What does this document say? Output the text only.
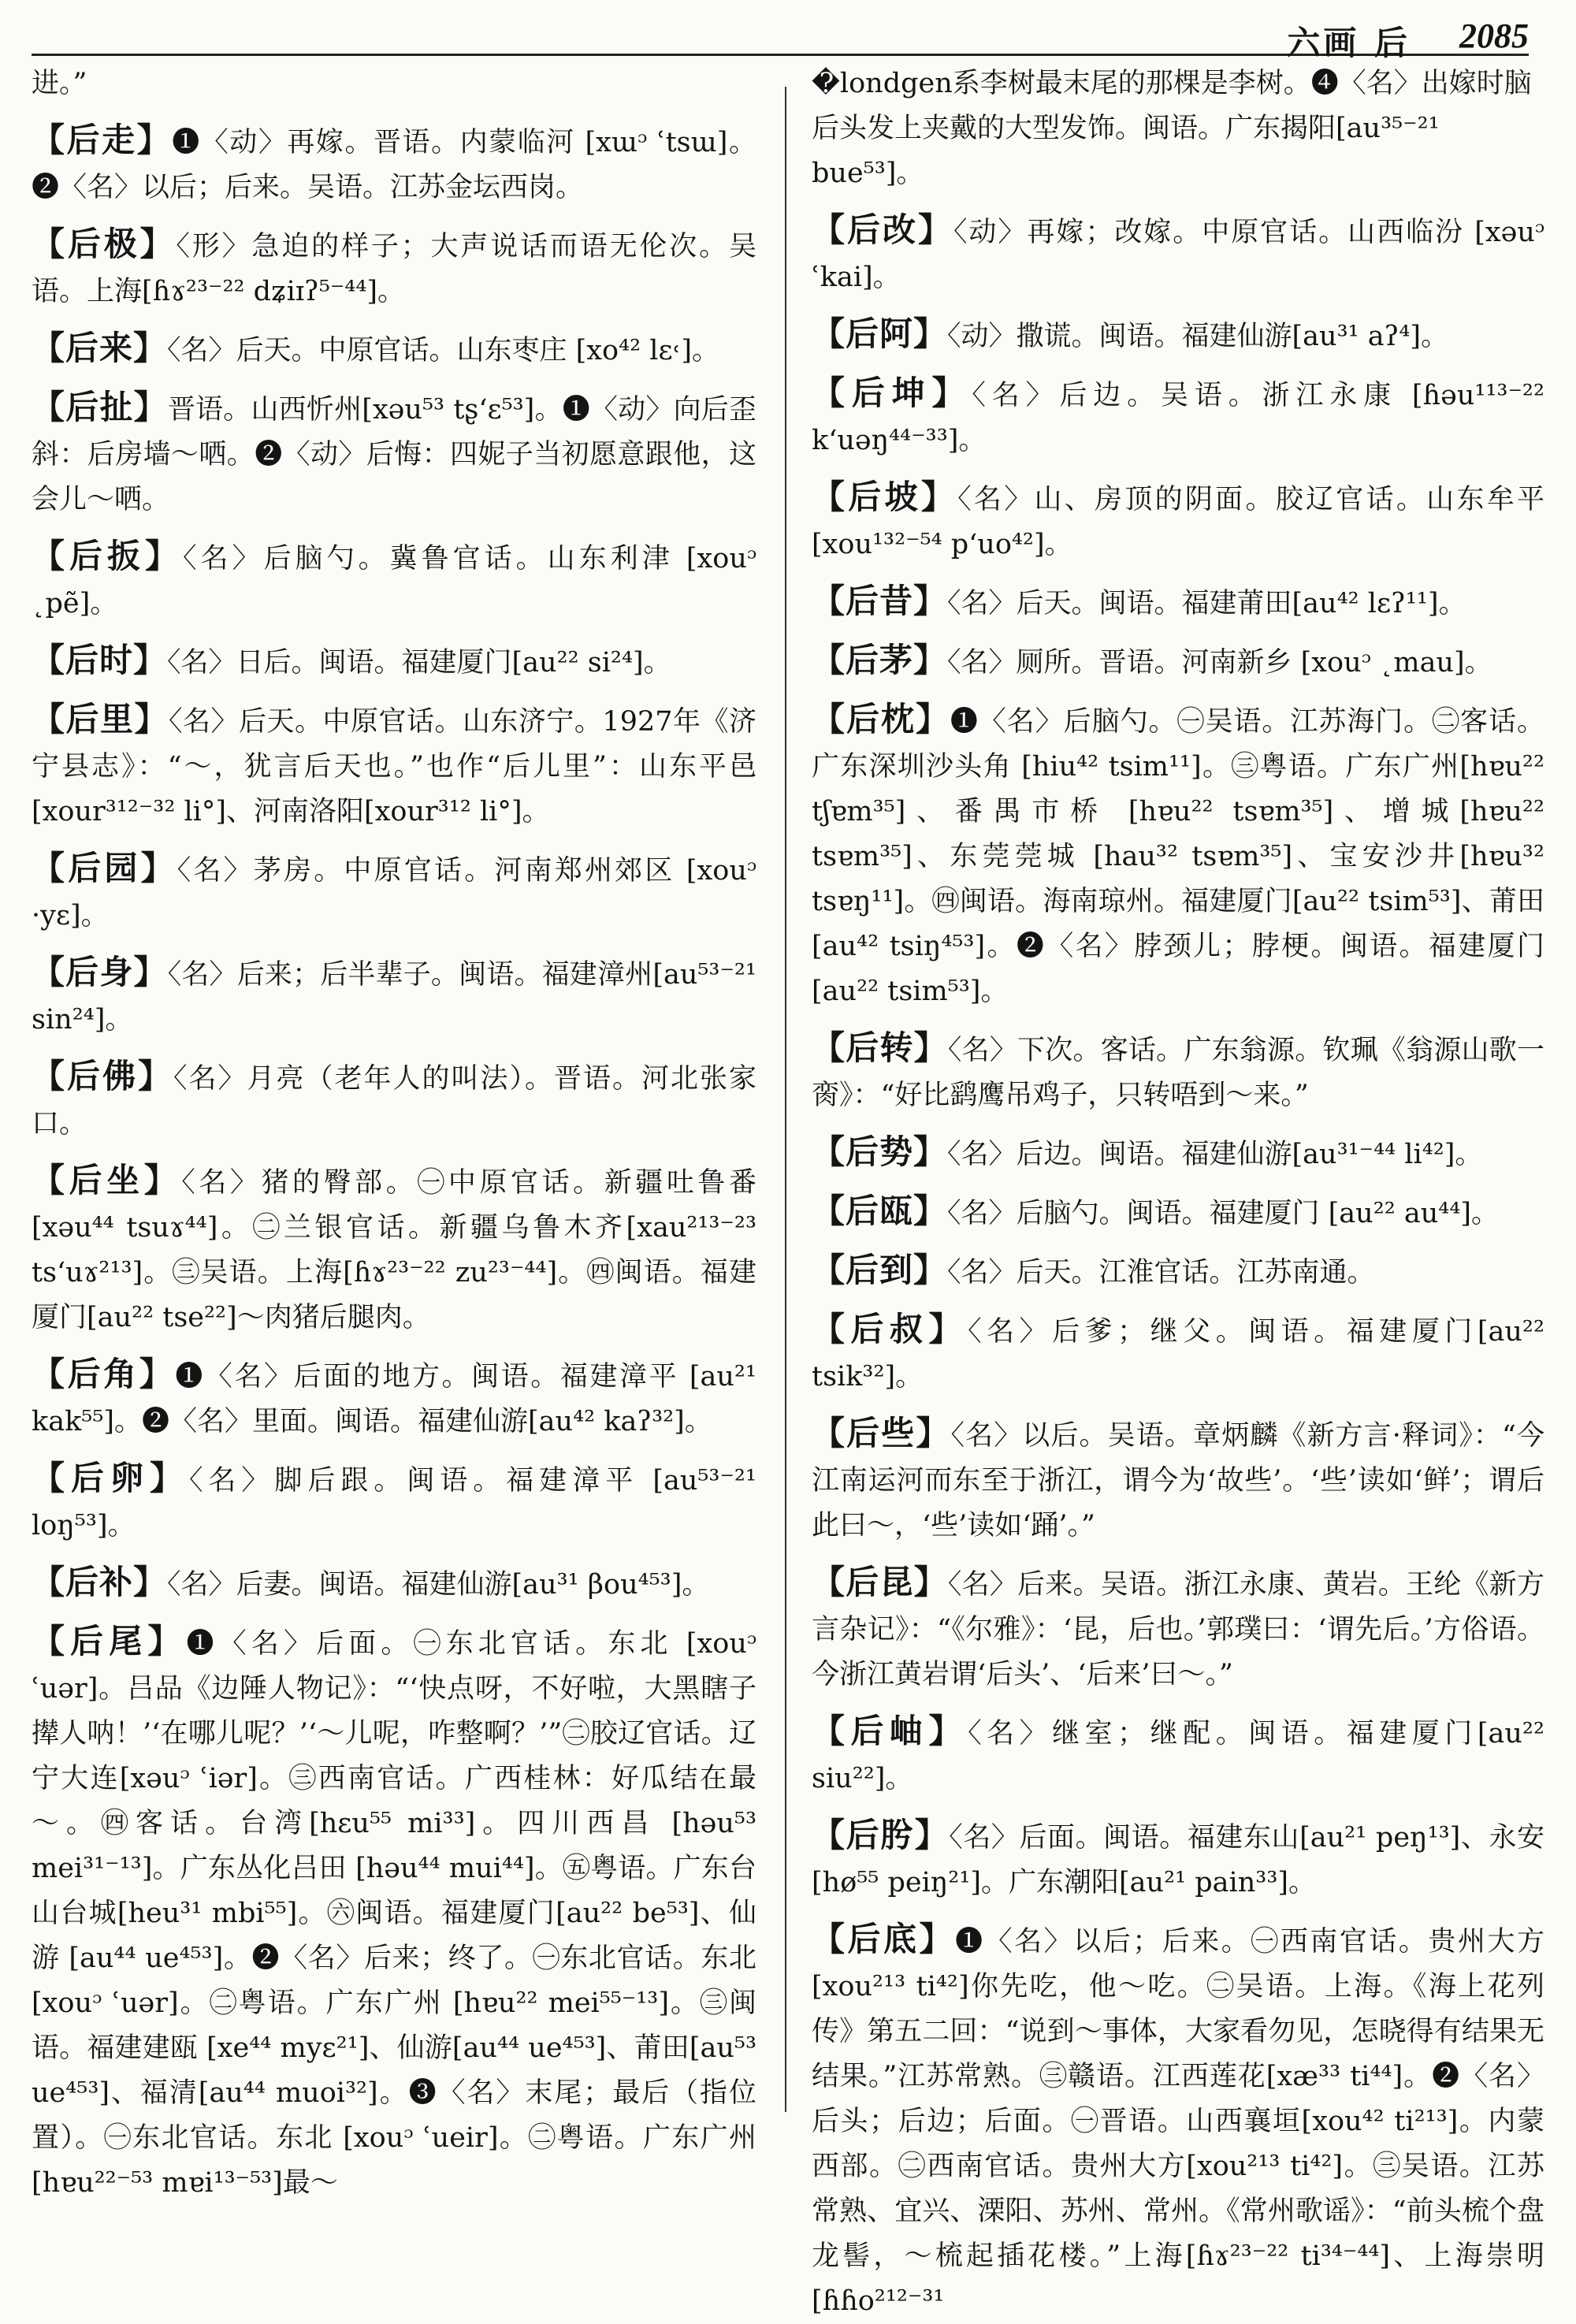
六画 后 2085
进。”
【后走】❶〈动〉再嫁。晋语。内蒙临河 [xɯᵓ ʿtsɯ]。❷〈名〉以后；后来。吴语。江苏金坛西岗。
【后极】〈形〉急迫的样子；大声说话而语无伦次。吴语。上海[ɦɤ²³⁻²² dʑiɪʔ⁵⁻⁴⁴]。
【后来】〈名〉后天。中原官话。山东枣庄 [xo⁴² lɛ˓]。
【后扯】晋语。山西忻州[xəu⁵³ tʂʻɛ⁵³]。❶〈动〉向后歪斜：后房墙～哂。❷〈动〉后悔：四妮子当初愿意跟他，这会儿～哂。
【后扳】〈名〉后脑勺。冀鲁官话。山东利津 [xouᵓ ˛pẽ]。
【后时】〈名〉日后。闽语。福建厦门[au²² si²⁴]。
【后里】〈名〉后天。中原官话。山东济宁。1927年《济宁县志》：“～，犹言后天也。”也作“后儿里”：山东平邑[xour³¹²⁻³² li°]、河南洛阳[xour³¹² li°]。
【后园】〈名〉茅房。中原官话。河南郑州郊区 [xouᵓ ·yɛ]。
【后身】〈名〉后来；后半辈子。闽语。福建漳州[au⁵³⁻²¹ sin²⁴]。
【后佛】〈名〉月亮（老年人的叫法）。晋语。河北张家口。
【后坐】〈名〉猪的臀部。㊀中原官话。新疆吐鲁番[xəu⁴⁴ tsuɤ⁴⁴]。㊁兰银官话。新疆乌鲁木齐[xau²¹³⁻²³ tsʻuɤ²¹³]。㊂吴语。上海[ɦɤ²³⁻²² zu²³⁻⁴⁴]。㊃闽语。福建厦门[au²² tse²²]～肉猪后腿肉。
【后角】❶〈名〉后面的地方。闽语。福建漳平 [au²¹ kak⁵⁵]。❷〈名〉里面。闽语。福建仙游[au⁴² kaʔ³²]。
【后卵】〈名〉脚后跟。闽语。福建漳平 [au⁵³⁻²¹ loŋ⁵³]。
【后补】〈名〉后妻。闽语。福建仙游[au³¹ βou⁴⁵³]。
【后尾】❶〈名〉后面。㊀东北官话。东北 [xouᵓ ʿuər]。吕品《边陲人物记》：“‘快点呀，不好啦，大黑瞎子撵人呐！’‘在哪儿呢？’‘～儿呢，咋整啊？’”㊁胶辽官话。辽宁大连[xəuᵓ ʿiər]。㊂西南官话。广西桂林：好瓜结在最～。㊃客话。台湾[hɛu⁵⁵ mi³³]。四川西昌 [həu⁵³ mei³¹⁻¹³]。广东丛化吕田 [həu⁴⁴ mui⁴⁴]。㊄粤语。广东台山台城[heu³¹ mbi⁵⁵]。㊅闽语。福建厦门[au²² be⁵³]、仙游 [au⁴⁴ ue⁴⁵³]。❷〈名〉后来；终了。㊀东北官话。东北[xouᵓ ʿuər]。㊁粤语。广东广州 [hɐu²² mei⁵⁵⁻¹³]。㊂闽语。福建建瓯 [xe⁴⁴ myɛ²¹]、仙游[au⁴⁴ ue⁴⁵³]、莆田[au⁵³ ue⁴⁵³]、福清[au⁴⁴ muoi³²]。❸〈名〉末尾；最后（指位置）。㊀东北官话。东北 [xouᵓ ʿueir]。㊁粤语。广东广州[hɐu²²⁻⁵³ mɐi¹³⁻⁵³]最～
�londgen系李树最末尾的那棵是李树。❹〈名〉出嫁时脑后头发上夹戴的大型发饰。闽语。广东揭阳[au³⁵⁻²¹ bue⁵³]。
【后改】〈动〉再嫁；改嫁。中原官话。山西临汾 [xəuᵓ ʿkai]。
【后阿】〈动〉撒谎。闽语。福建仙游[au³¹ aʔ⁴]。
【后坤】〈名〉后边。吴语。浙江永康 [ɦəu¹¹³⁻²² kʻuəŋ⁴⁴⁻³³]。
【后坡】〈名〉山、房顶的阴面。胶辽官话。山东牟平[xou¹³²⁻⁵⁴ pʻuo⁴²]。
【后昔】〈名〉后天。闽语。福建莆田[au⁴² lɛʔ¹¹]。
【后茅】〈名〉厕所。晋语。河南新乡 [xouᵓ ˛mau]。
【后枕】❶〈名〉后脑勺。㊀吴语。江苏海门。㊁客话。广东深圳沙头角 [hiu⁴² tsim¹¹]。㊂粤语。广东广州[hɐu²² tʃɐm³⁵]、番禺市桥 [hɐu²² tsɐm³⁵]、增城[hɐu²² tsɐm³⁵]、东莞莞城 [hau³² tsɐm³⁵]、宝安沙井[hɐu³² tsɐŋ¹¹]。㊃闽语。海南琼州。福建厦门[au²² tsim⁵³]、莆田[au⁴² tsiŋ⁴⁵³]。❷〈名〉脖颈儿；脖梗。闽语。福建厦门[au²² tsim⁵³]。
【后转】〈名〉下次。客话。广东翁源。钦珮《翁源山歌一脔》：“好比鹞鹰吊鸡子，只转唔到～来。”
【后势】〈名〉后边。闽语。福建仙游[au³¹⁻⁴⁴ li⁴²]。
【后瓯】〈名〉后脑勺。闽语。福建厦门 [au²² au⁴⁴]。
【后到】〈名〉后天。江淮官话。江苏南通。
【后叔】〈名〉后爹；继父。闽语。福建厦门[au²² tsik³²]。
【后些】〈名〉以后。吴语。章炳麟《新方言·释词》：“今江南运河而东至于浙江，谓今为‘故些’。‘些’读如‘鲜’；谓后此曰～，‘些’读如‘踊’。”
【后昆】〈名〉后来。吴语。浙江永康、黄岩。王纶《新方言杂记》：“《尔雅》：‘昆，后也。’郭璞曰：‘谓先后。’方俗语。今浙江黄岩谓‘后头’、‘后来’曰～。”
【后岫】〈名〉继室；继配。闽语。福建厦门[au²² siu²²]。
【后肹】〈名〉后面。闽语。福建东山[au²¹ peŋ¹³]、永安 [hø⁵⁵ peiŋ²¹]。广东潮阳[au²¹ pain³³]。
【后底】❶〈名〉以后；后来。㊀西南官话。贵州大方[xou²¹³ ti⁴²]你先吃，他～吃。㊁吴语。上海。《海上花列传》第五二回：“说到～事体，大家看勿见，怎晓得有结果无结果。”江苏常熟。㊂赣语。江西莲花[xæ³³ ti⁴⁴]。❷〈名〉后头；后边；后面。㊀晋语。山西襄垣[xou⁴² ti²¹³]。内蒙西部。㊁西南官话。贵州大方[xou²¹³ ti⁴²]。㊂吴语。江苏常熟、宜兴、溧阳、苏州、常州。《常州歌谣》：“前头梳个盘龙髻，～梳起插花楼。”上海[ɦɤ²³⁻²² ti³⁴⁻⁴⁴]、上海崇明 [ɦɦo²¹²⁻³¹
